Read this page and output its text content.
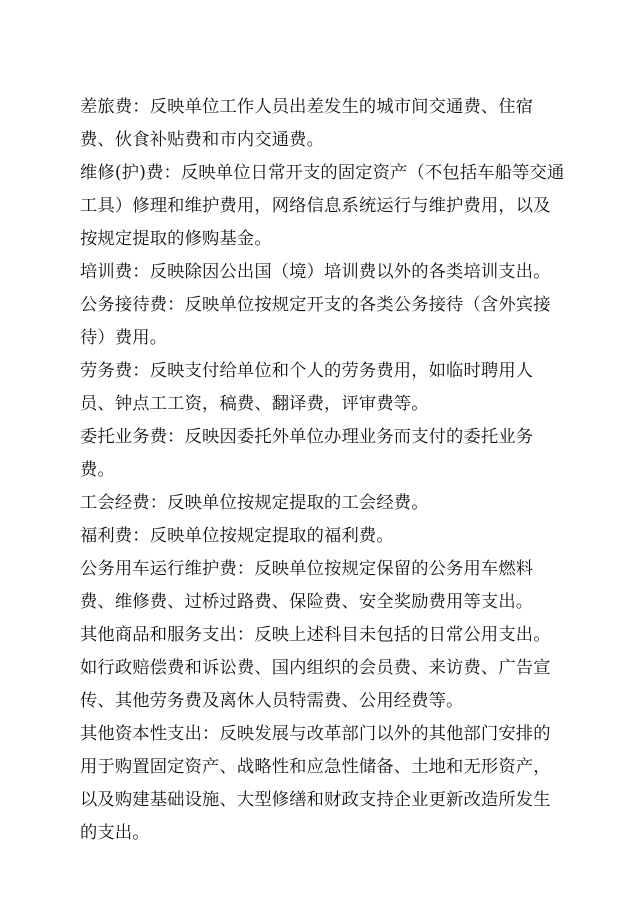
差旅费：反映单位工作人员出差发生的城市间交通费、住宿费、伙食补贴费和市内交通费。

维修(护)费：反映单位日常开支的固定资产（不包括车船等交通工具）修理和维护费用，网络信息系统运行与维护费用，以及按规定提取的修购基金。

培训费：反映除因公出国（境）培训费以外的各类培训支出。

公务接待费：反映单位按规定开支的各类公务接待（含外宾接待）费用。

劳务费：反映支付给单位和个人的劳务费用，如临时聘用人员、钟点工工资，稿费、翻译费，评审费等。

委托业务费：反映因委托外单位办理业务而支付的委托业务费。

工会经费：反映单位按规定提取的工会经费。

福利费：反映单位按规定提取的福利费。

公务用车运行维护费：反映单位按规定保留的公务用车燃料费、维修费、过桥过路费、保险费、安全奖励费用等支出。

其他商品和服务支出：反映上述科目未包括的日常公用支出。如行政赔偿费和诉讼费、国内组织的会员费、来访费、广告宣传、其他劳务费及离休人员特需费、公用经费等。

其他资本性支出：反映发展与改革部门以外的其他部门安排的用于购置固定资产、战略性和应急性储备、土地和无形资产，以及购建基础设施、大型修缮和财政支持企业更新改造所发生的支出。
